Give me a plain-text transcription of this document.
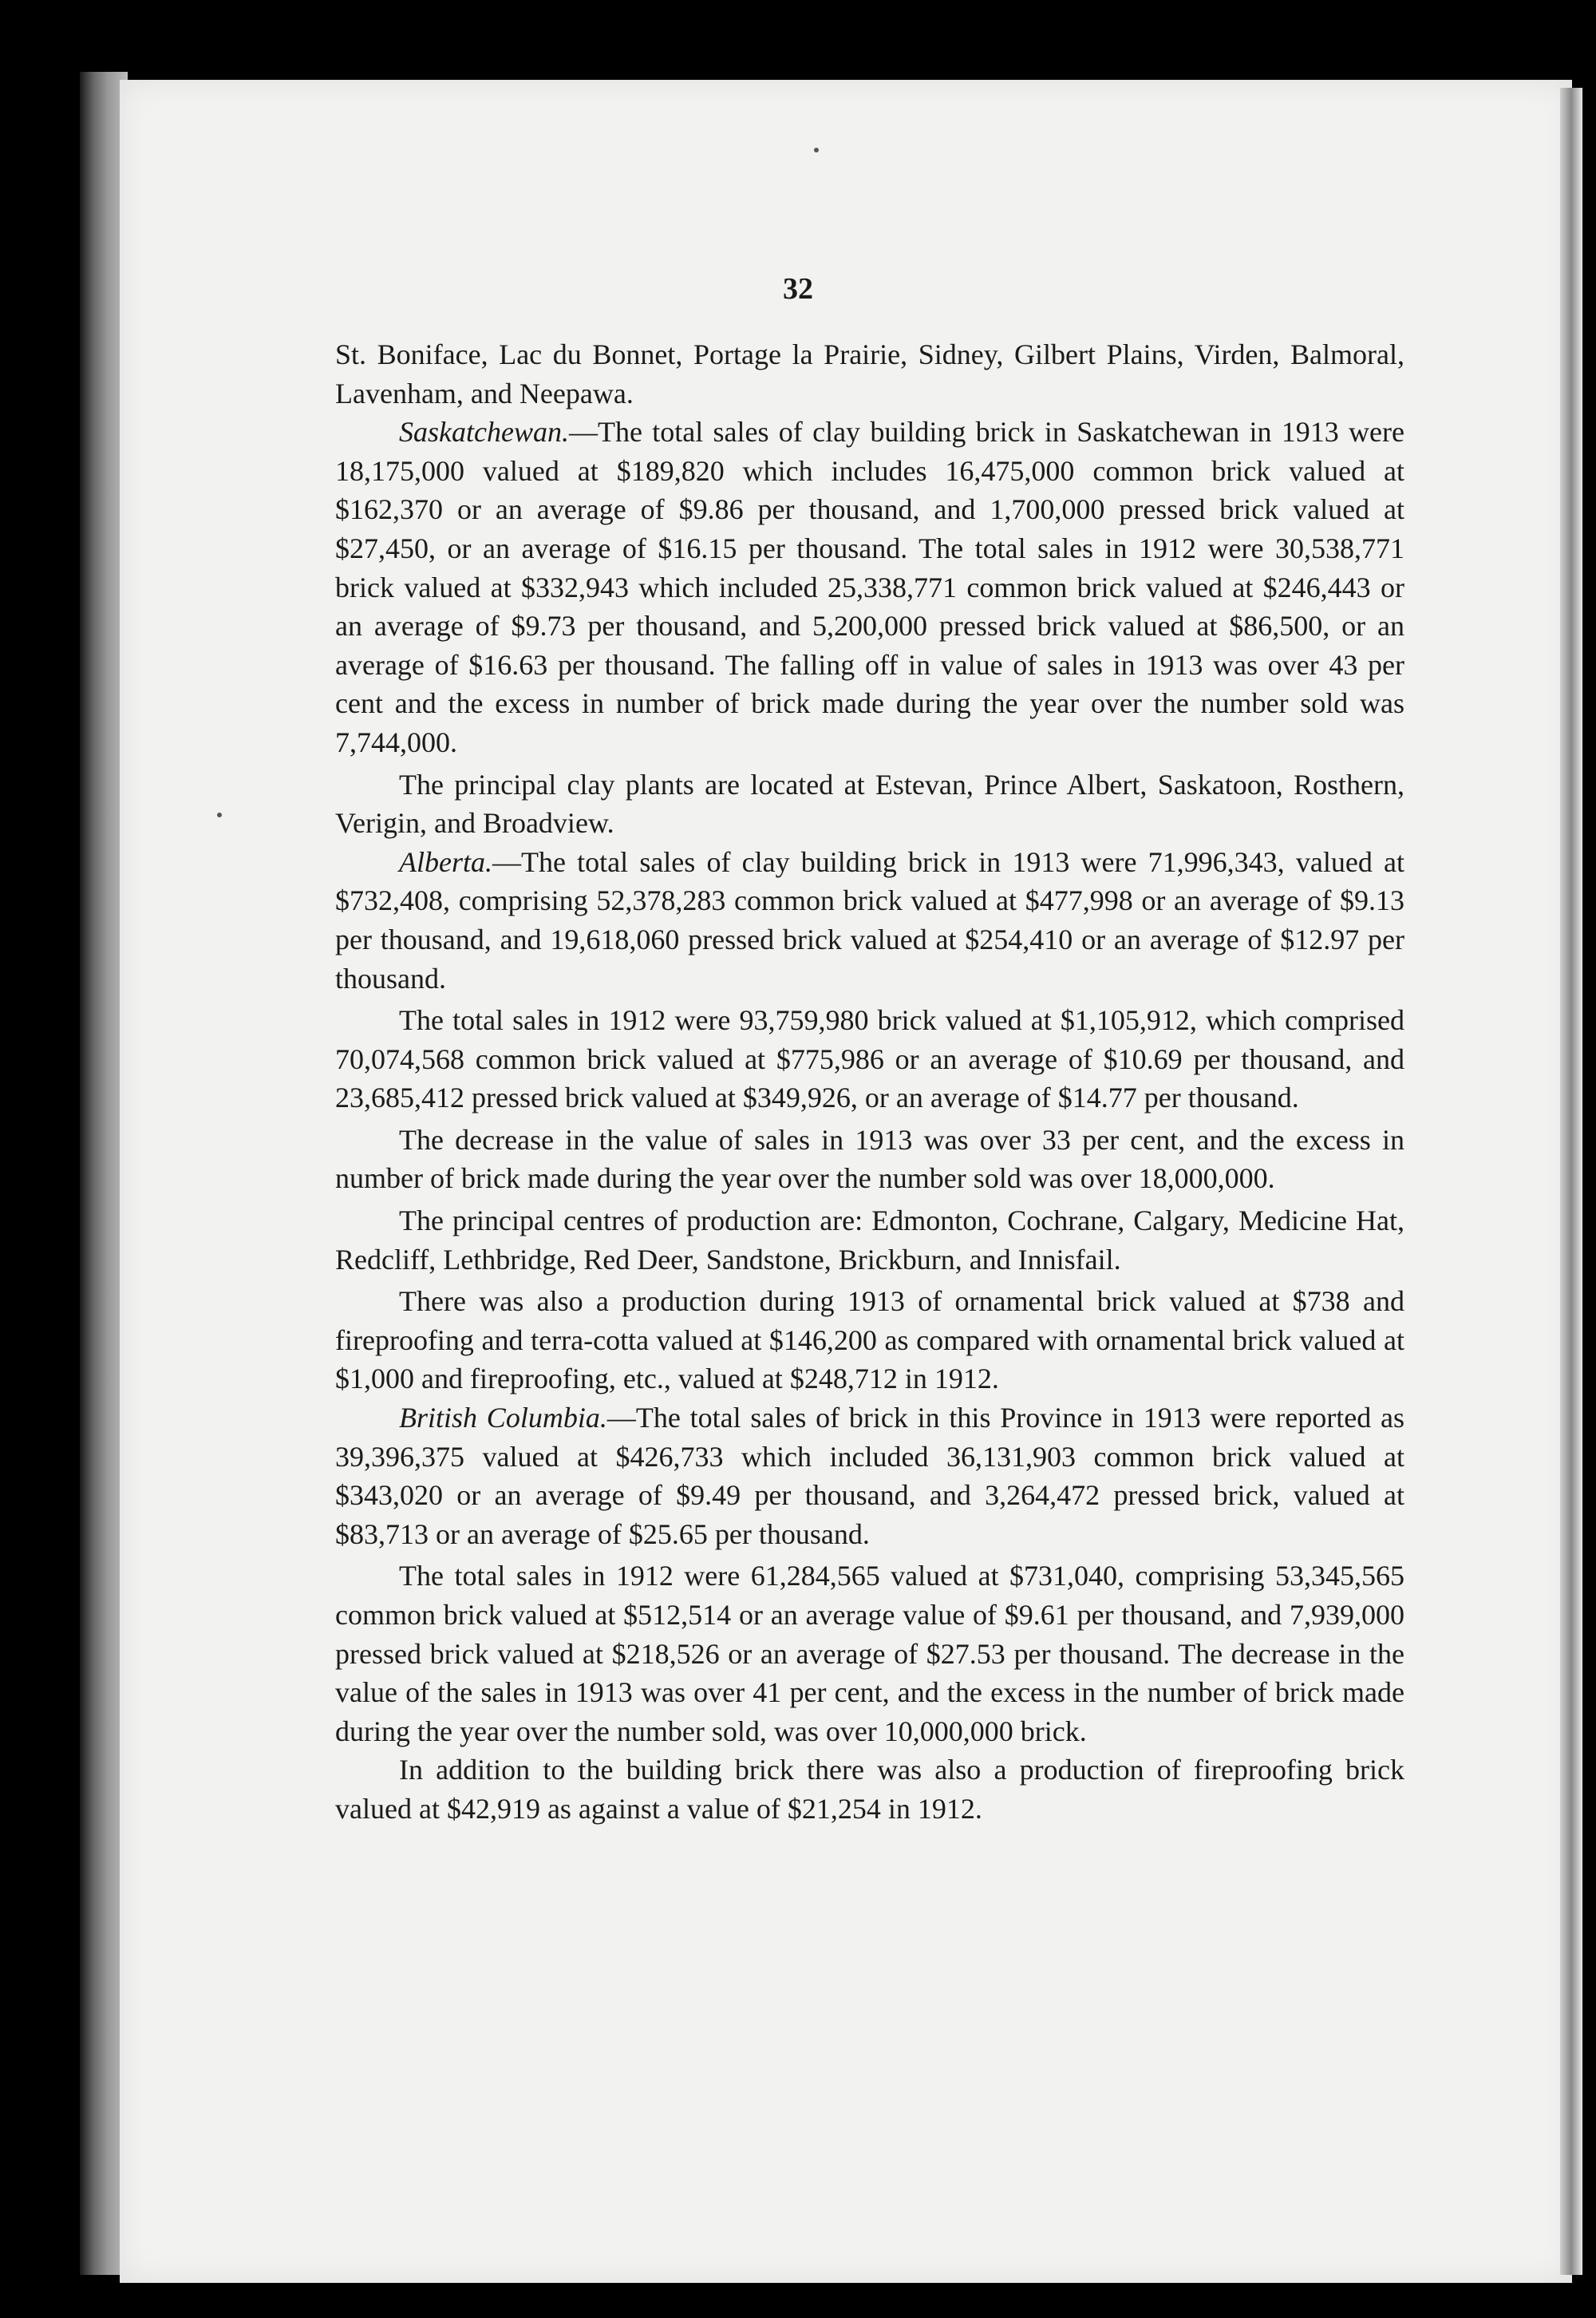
32

St. Boniface, Lac du Bonnet, Portage la Prairie, Sidney, Gilbert Plains, Virden, Balmoral, Lavenham, and Neepawa.

Saskatchewan.—The total sales of clay building brick in Saskatchewan in 1913 were 18,175,000 valued at $189,820 which includes 16,475,000 common brick valued at $162,370 or an average of $9.86 per thousand, and 1,700,000 pressed brick valued at $27,450, or an average of $16.15 per thousand. The total sales in 1912 were 30,538,771 brick valued at $332,943 which included 25,338,771 common brick valued at $246,443 or an average of $9.73 per thousand, and 5,200,000 pressed brick valued at $86,500, or an average of $16.63 per thousand. The falling off in value of sales in 1913 was over 43 per cent and the excess in number of brick made during the year over the number sold was 7,744,000.

The principal clay plants are located at Estevan, Prince Albert, Saskatoon, Rosthern, Verigin, and Broadview.

Alberta.—The total sales of clay building brick in 1913 were 71,996,343, valued at $732,408, comprising 52,378,283 common brick valued at $477,998 or an average of $9.13 per thousand, and 19,618,060 pressed brick valued at $254,410 or an average of $12.97 per thousand.

The total sales in 1912 were 93,759,980 brick valued at $1,105,912, which comprised 70,074,568 common brick valued at $775,986 or an average of $10.69 per thousand, and 23,685,412 pressed brick valued at $349,926, or an average of $14.77 per thousand.

The decrease in the value of sales in 1913 was over 33 per cent, and the excess in number of brick made during the year over the number sold was over 18,000,000.

The principal centres of production are: Edmonton, Cochrane, Calgary, Medicine Hat, Redcliff, Lethbridge, Red Deer, Sandstone, Brickburn, and Innisfail.

There was also a production during 1913 of ornamental brick valued at $738 and fireproofing and terra-cotta valued at $146,200 as compared with ornamental brick valued at $1,000 and fireproofing, etc., valued at $248,712 in 1912.

British Columbia.—The total sales of brick in this Province in 1913 were reported as 39,396,375 valued at $426,733 which included 36,131,903 common brick valued at $343,020 or an average of $9.49 per thousand, and 3,264,472 pressed brick, valued at $83,713 or an average of $25.65 per thousand.

The total sales in 1912 were 61,284,565 valued at $731,040, comprising 53,345,565 common brick valued at $512,514 or an average value of $9.61 per thousand, and 7,939,000 pressed brick valued at $218,526 or an average of $27.53 per thousand. The decrease in the value of the sales in 1913 was over 41 per cent, and the excess in the number of brick made during the year over the number sold, was over 10,000,000 brick.

In addition to the building brick there was also a production of fireproofing brick valued at $42,919 as against a value of $21,254 in 1912.
